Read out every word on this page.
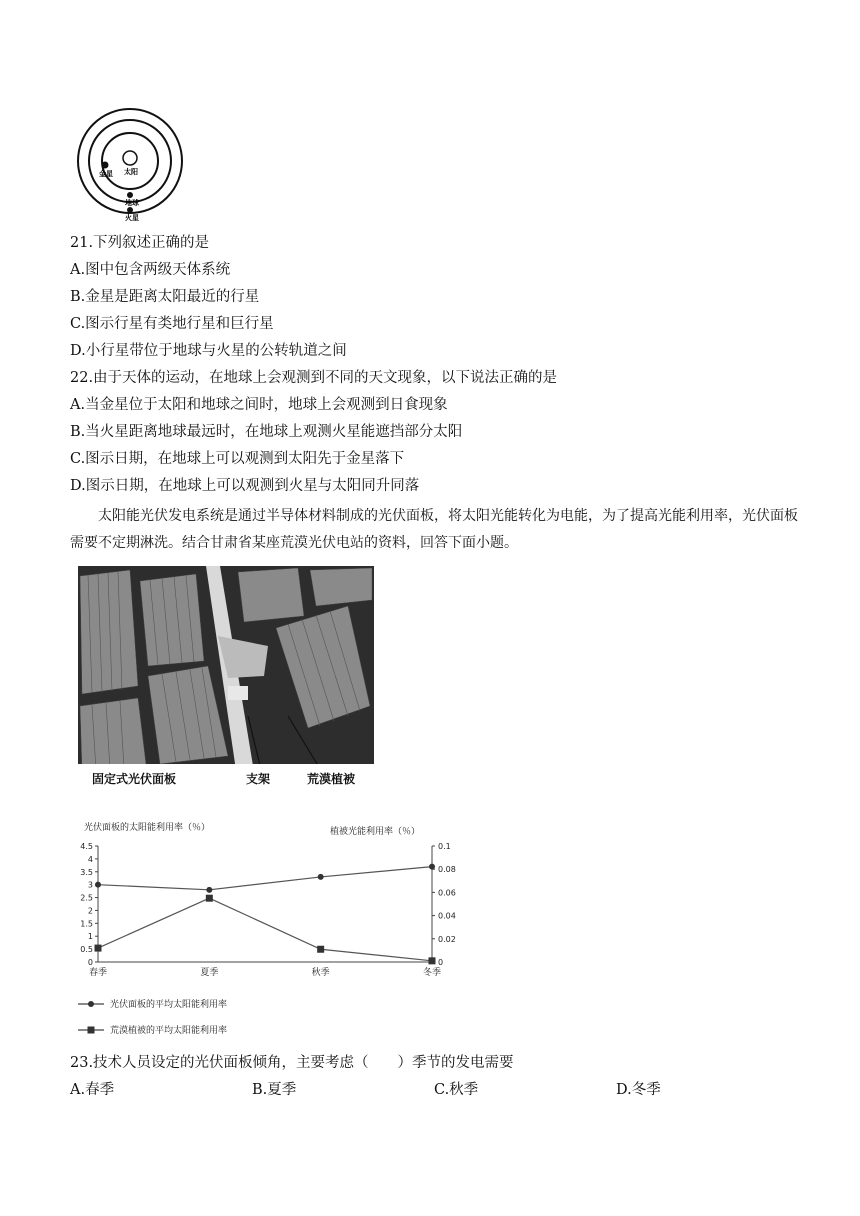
太阳
金星
地球
火星
21.下列叙述正确的是
A.图中包含两级天体系统
B.金星是距离太阳最近的行星
C.图示行星有类地行星和巨行星
D.小行星带位于地球与火星的公转轨道之间
22.由于天体的运动，在地球上会观测到不同的天文现象，以下说法正确的是
A.当金星位于太阳和地球之间时，地球上会观测到日食现象
B.当火星距离地球最远时，在地球上观测火星能遮挡部分太阳
C.图示日期，在地球上可以观测到太阳先于金星落下
D.图示日期，在地球上可以观测到火星与太阳同升同落
太阳能光伏发电系统是通过半导体材料制成的光伏面板，将太阳光能转化为电能，为了提高光能利用率，光伏面板需要不定期淋洗。结合甘肃省某座荒漠光伏电站的资料，回答下面小题。
固定式光伏面板	支架	荒漠植被
光伏面板的太阳能利用率（％）	植被光能利用率（％）
0
0.5
1
1.5
2
2.5
3
3.5
4
4.5
0
0.02
0.04
0.06
0.08
0.1
春季	夏季	秋季	冬季
光伏面板的平均太阳能利用率
荒漠植被的平均太阳能利用率
23.技术人员设定的光伏面板倾角，主要考虑（　　）季节的发电需要
A.春季	B.夏季	C.秋季	D.冬季
